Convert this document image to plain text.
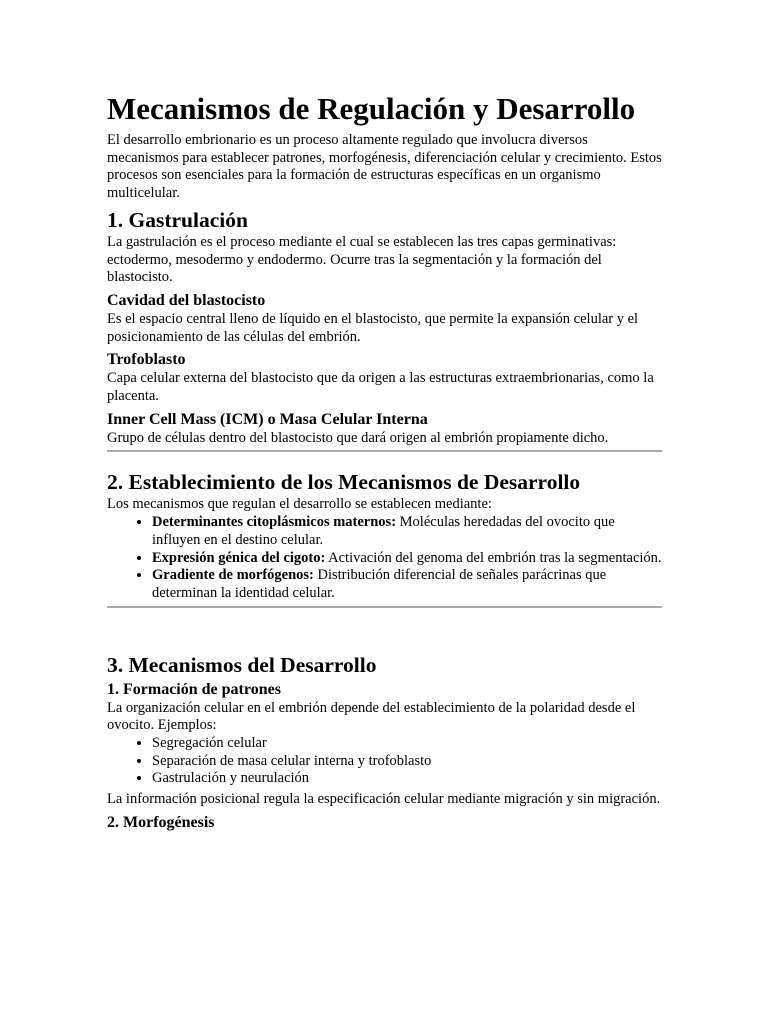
Mecanismos de Regulación y Desarrollo

El desarrollo embrionario es un proceso altamente regulado que involucra diversos mecanismos para establecer patrones, morfogénesis, diferenciación celular y crecimiento. Estos procesos son esenciales para la formación de estructuras específicas en un organismo multicelular.

1. Gastrulación

La gastrulación es el proceso mediante el cual se establecen las tres capas germinativas: ectodermo, mesodermo y endodermo. Ocurre tras la segmentación y la formación del blastocisto.

Cavidad del blastocisto

Es el espacio central lleno de líquido en el blastocisto, que permite la expansión celular y el posicionamiento de las células del embrión.

Trofoblasto

Capa celular externa del blastocisto que da origen a las estructuras extraembrionarias, como la placenta.

Inner Cell Mass (ICM) o Masa Celular Interna

Grupo de células dentro del blastocisto que dará origen al embrión propiamente dicho.

2. Establecimiento de los Mecanismos de Desarrollo

Los mecanismos que regulan el desarrollo se establecen mediante:

• Determinantes citoplásmicos maternos: Moléculas heredadas del ovocito que influyen en el destino celular.
• Expresión génica del cigoto: Activación del genoma del embrión tras la segmentación.
• Gradiente de morfógenos: Distribución diferencial de señales parácrinas que determinan la identidad celular.
3. Mecanismos del Desarrollo
1. Formación de patrones

La organización celular en el embrión depende del establecimiento de la polaridad desde el ovocito. Ejemplos:

• Segregación celular
• Separación de masa celular interna y trofoblasto
• Gastrulación y neurulación

La información posicional regula la especificación celular mediante migración y sin migración.

2. Morfogénesis
